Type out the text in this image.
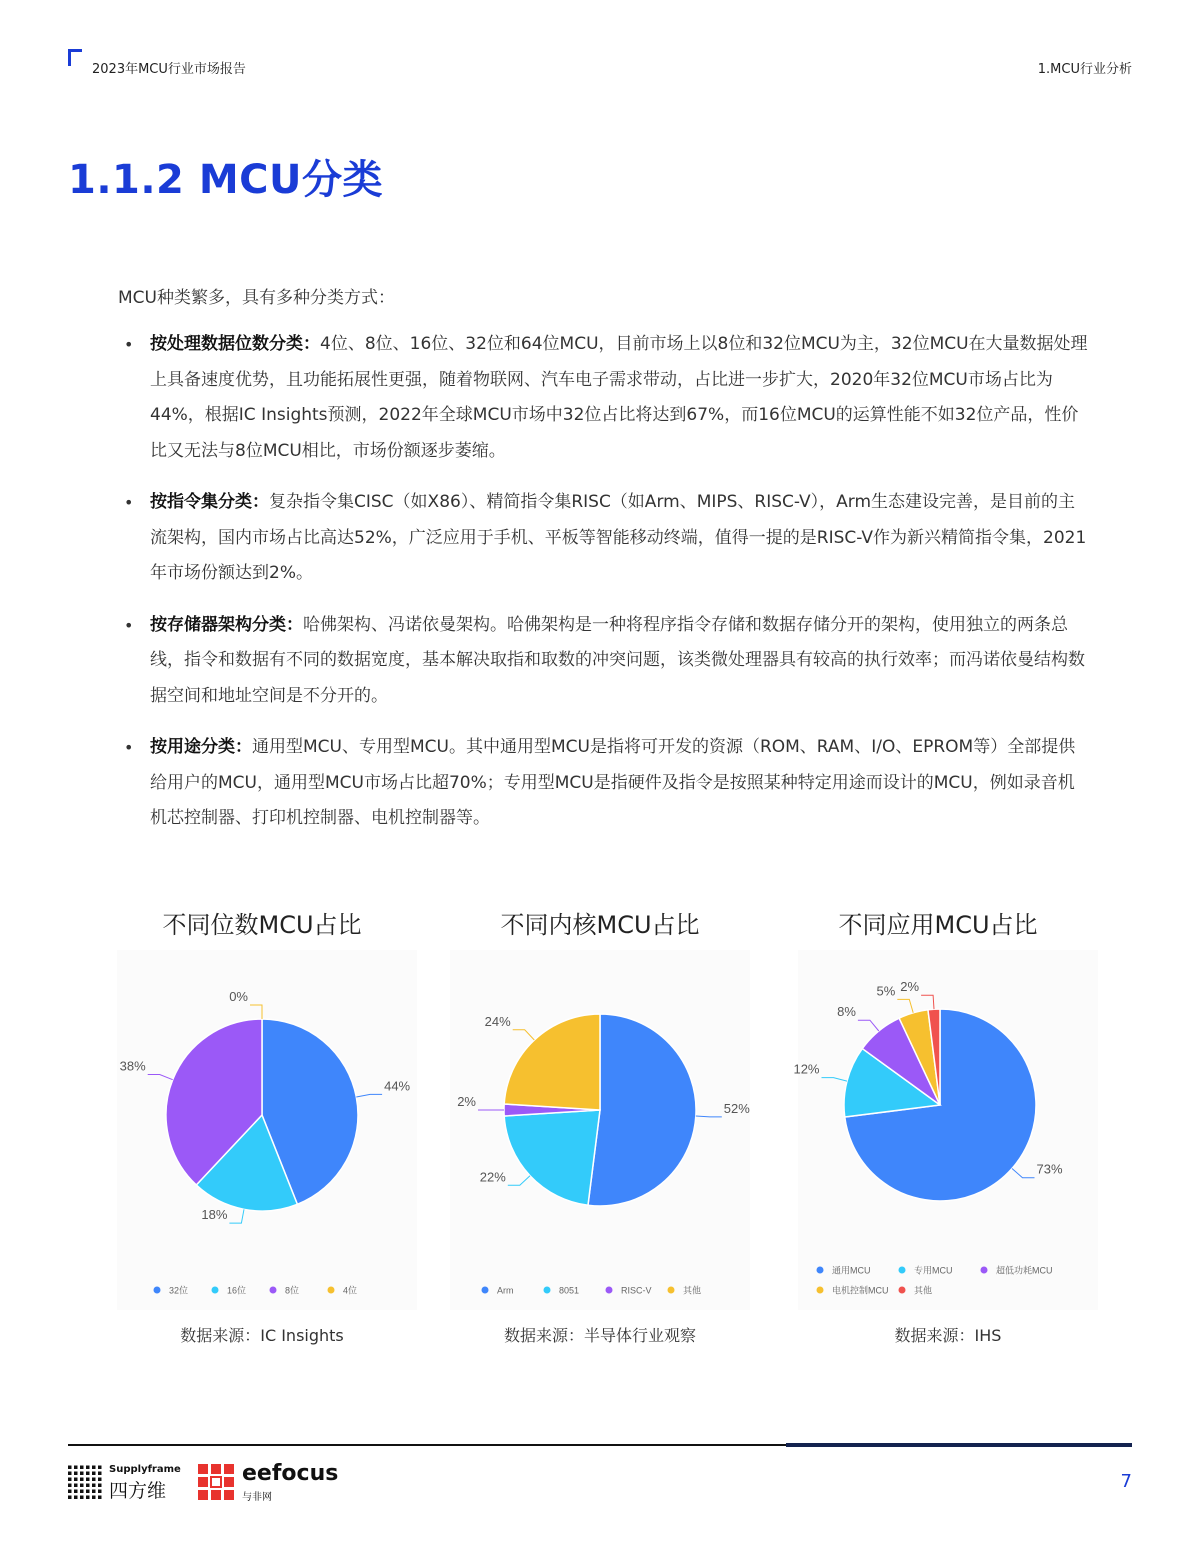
2023年MCU行业市场报告	1.MCU行业分析
1.1.2 MCU分类
MCU种类繁多，具有多种分类方式：
• 按处理数据位数分类：4位、8位、16位、32位和64位MCU，目前市场上以8位和32位MCU为主，32位MCU在大量数据处理上具备速度优势，且功能拓展性更强，随着物联网、汽车电子需求带动，占比进一步扩大，2020年32位MCU市场占比为44%，根据IC Insights预测，2022年全球MCU市场中32位占比将达到67%，而16位MCU的运算性能不如32位产品，性价比又无法与8位MCU相比，市场份额逐步萎缩。
• 按指令集分类：复杂指令集CISC（如X86）、精简指令集RISC（如Arm、MIPS、RISC-V），Arm生态建设完善，是目前的主流架构，国内市场占比高达52%，广泛应用于手机、平板等智能移动终端，值得一提的是RISC-V作为新兴精简指令集，2021年市场份额达到2%。
• 按存储器架构分类：哈佛架构、冯诺依曼架构。哈佛架构是一种将程序指令存储和数据存储分开的架构，使用独立的两条总线，指令和数据有不同的数据宽度，基本解决取指和取数的冲突问题，该类微处理器具有较高的执行效率；而冯诺依曼结构数据空间和地址空间是不分开的。
• 按用途分类：通用型MCU、专用型MCU。其中通用型MCU是指将可开发的资源（ROM、RAM、I/O、EPROM等）全部提供给用户的MCU，通用型MCU市场占比超70%；专用型MCU是指硬件及指令是按照某种特定用途而设计的MCU，例如录音机机芯控制器、打印机控制器、电机控制器等。
不同位数MCU占比
44%
18%
38%
0%
32位	16位	8位	4位
数据来源：IC Insights
不同内核MCU占比
52%
22%
2%
24%
Arm	8051	RISC-V	其他
数据来源：半导体行业观察
不同应用MCU占比
73%
12%
8%
5% 2%
通用MCU	专用MCU	超低功耗MCU
电机控制MCU	其他
数据来源：IHS
Supplyframe
四方维
eefocus
与非网
7
